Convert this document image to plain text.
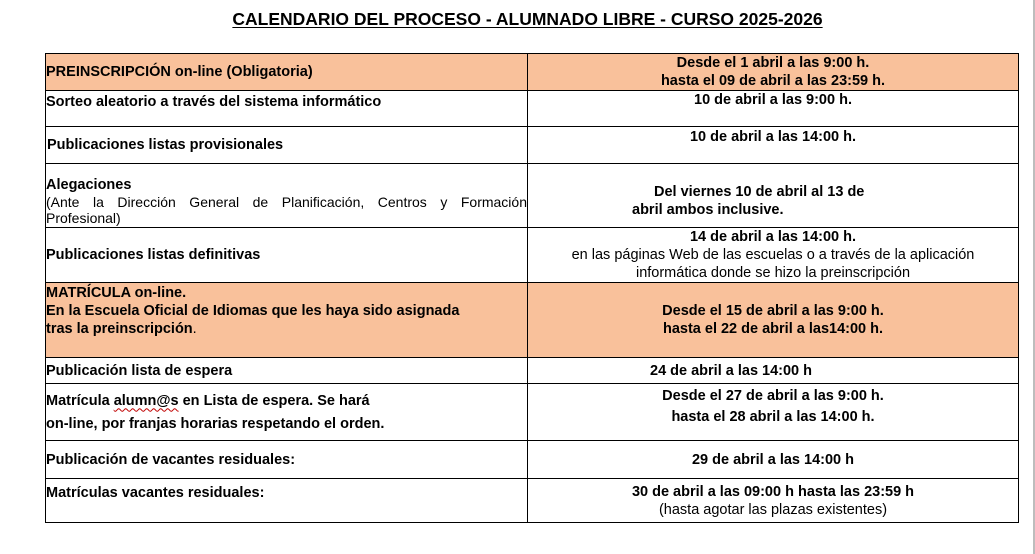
CALENDARIO DEL PROCESO - ALUMNADO LIBRE - CURSO 2025-2026
PREINSCRIPCIÓN on-line (Obligatoria)	Desde el 1 abril a las 9:00 h.
hasta el 09 de abril a las 23:59 h.

Sorteo aleatorio a través del sistema informático	10 de abril a las 9:00 h.
Publicaciones listas provisionales	10 de abril a las 14:00 h.

Alegaciones
(Ante la Dirección General de Planificación, Centros y Formación Profesional)	Del viernes 10 de abril al 13 de
abril ambos inclusive.

Publicaciones listas definitivas	14 de abril a las 14:00 h.
en las páginas Web de las escuelas o a través de la aplicación
informática donde se hizo la preinscripción

MATRÍCULA on-line.
En la Escuela Oficial de Idiomas que les haya sido asignada
tras la preinscripción.	Desde el 15 de abril a las 9:00 h.
hasta el 22 de abril a las14:00 h.

Publicación lista de espera	24 de abril a las 14:00 h

Matrícula alumn@s en Lista de espera. Se hará
on-line, por franjas horarias respetando el orden.	Desde el 27 de abril a las 9:00 h.
hasta el 28 abril a las 14:00 h.

Publicación de vacantes residuales:	29 de abril a las 14:00 h
Matrículas vacantes residuales:	30 de abril a las 09:00 h hasta las 23:59 h
(hasta agotar las plazas existentes)
